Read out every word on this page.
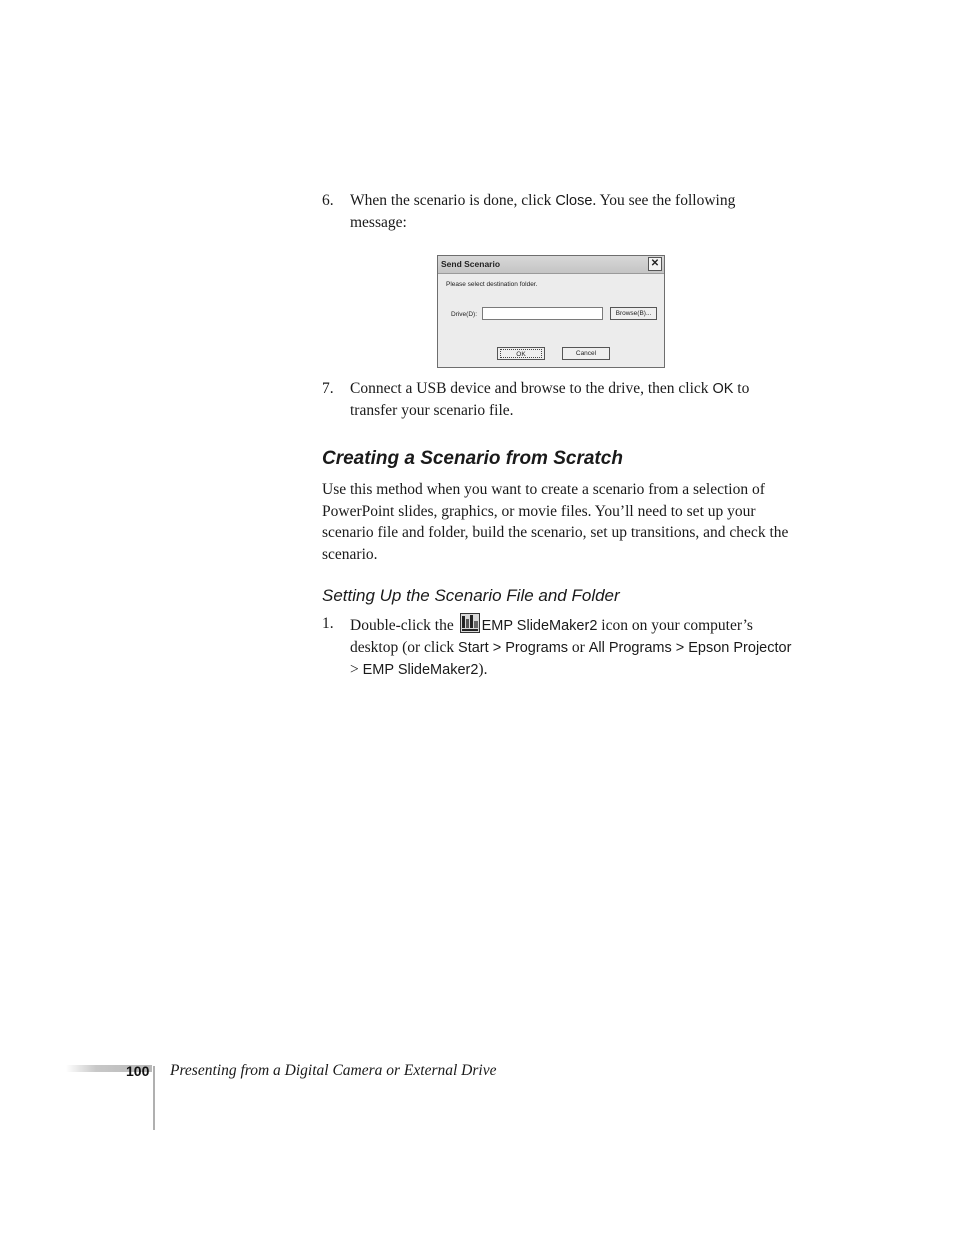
6. When the scenario is done, click Close. You see the following message:
Send Scenario	✕
Please select destination folder.
Drive(D):	Browse(B)...
OK	Cancel
7. Connect a USB device and browse to the drive, then click OK to transfer your scenario file.
Creating a Scenario from Scratch
Use this method when you want to create a scenario from a selection of PowerPoint slides, graphics, or movie files. You’ll need to set up your scenario file and folder, build the scenario, set up transitions, and check the scenario.
Setting Up the Scenario File and Folder
1. Double-click the EMP SlideMaker2 icon on your computer’s desktop (or click Start > Programs or All Programs > Epson Projector > EMP SlideMaker2).
100 Presenting from a Digital Camera or External Drive
